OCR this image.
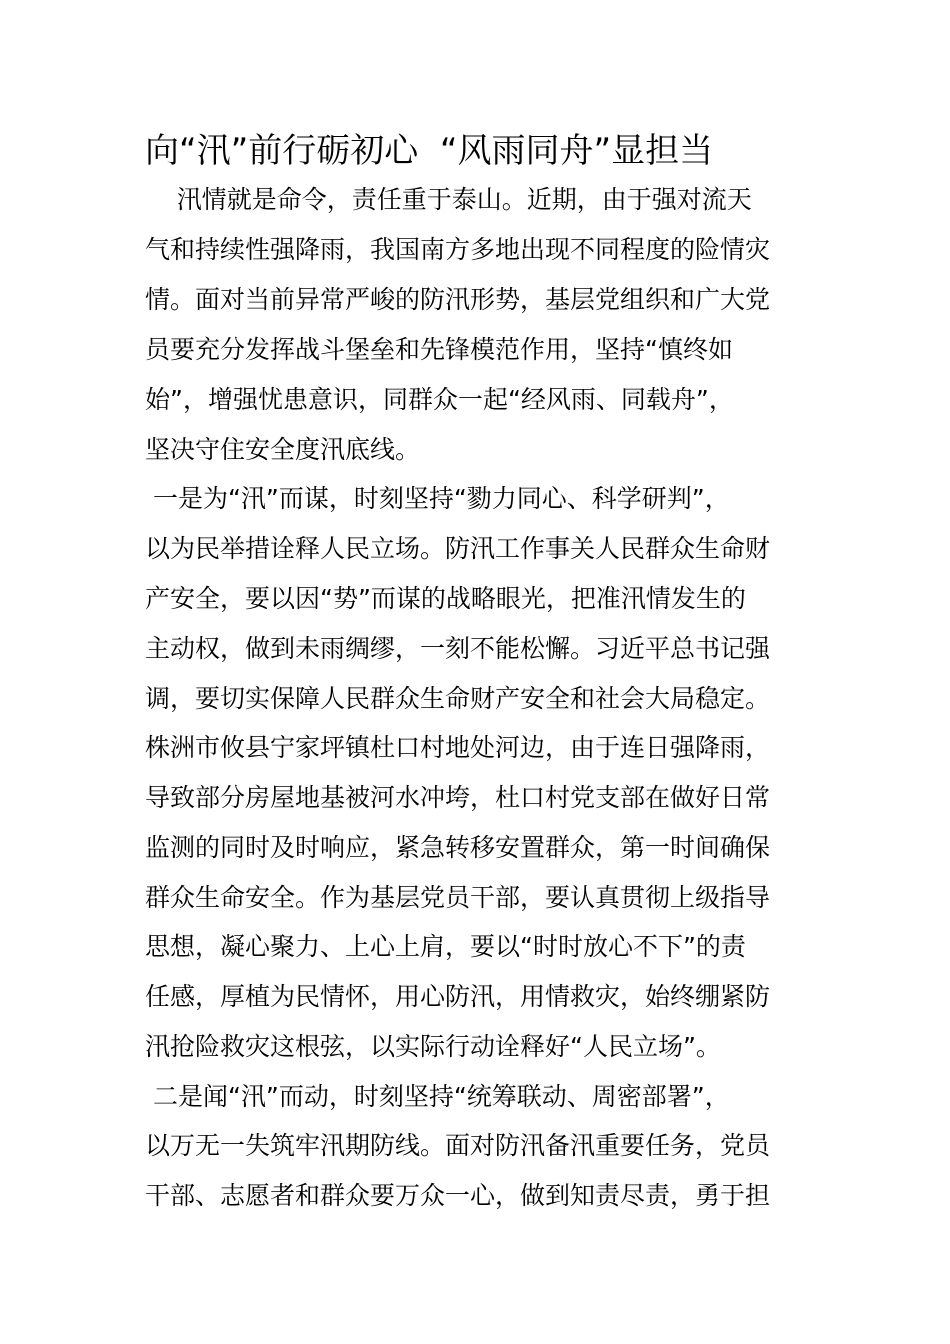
向“汛”前行砺初心  “风雨同舟”显担当
汛情就是命令，责任重于泰山。近期，由于强对流天
气和持续性强降雨，我国南方多地出现不同程度的险情灾
情。面对当前异常严峻的防汛形势，基层党组织和广大党
员要充分发挥战斗堡垒和先锋模范作用，坚持“慎终如
始”，增强忧患意识，同群众一起“经风雨、同载舟”，
坚决守住安全度汛底线。
一是为“汛”而谋，时刻坚持“勠力同心、科学研判”，
以为民举措诠释人民立场。防汛工作事关人民群众生命财
产安全，要以因“势”而谋的战略眼光，把准汛情发生的
主动权，做到未雨绸缪，一刻不能松懈。习近平总书记强
调，要切实保障人民群众生命财产安全和社会大局稳定。
株洲市攸县宁家坪镇杜口村地处河边，由于连日强降雨，
导致部分房屋地基被河水冲垮，杜口村党支部在做好日常
监测的同时及时响应，紧急转移安置群众，第一时间确保
群众生命安全。作为基层党员干部，要认真贯彻上级指导
思想，凝心聚力、上心上肩，要以“时时放心不下”的责
任感，厚植为民情怀，用心防汛，用情救灾，始终绷紧防
汛抢险救灾这根弦，以实际行动诠释好“人民立场”。
二是闻“汛”而动，时刻坚持“统筹联动、周密部署”，
以万无一失筑牢汛期防线。面对防汛备汛重要任务，党员
干部、志愿者和群众要万众一心，做到知责尽责，勇于担
